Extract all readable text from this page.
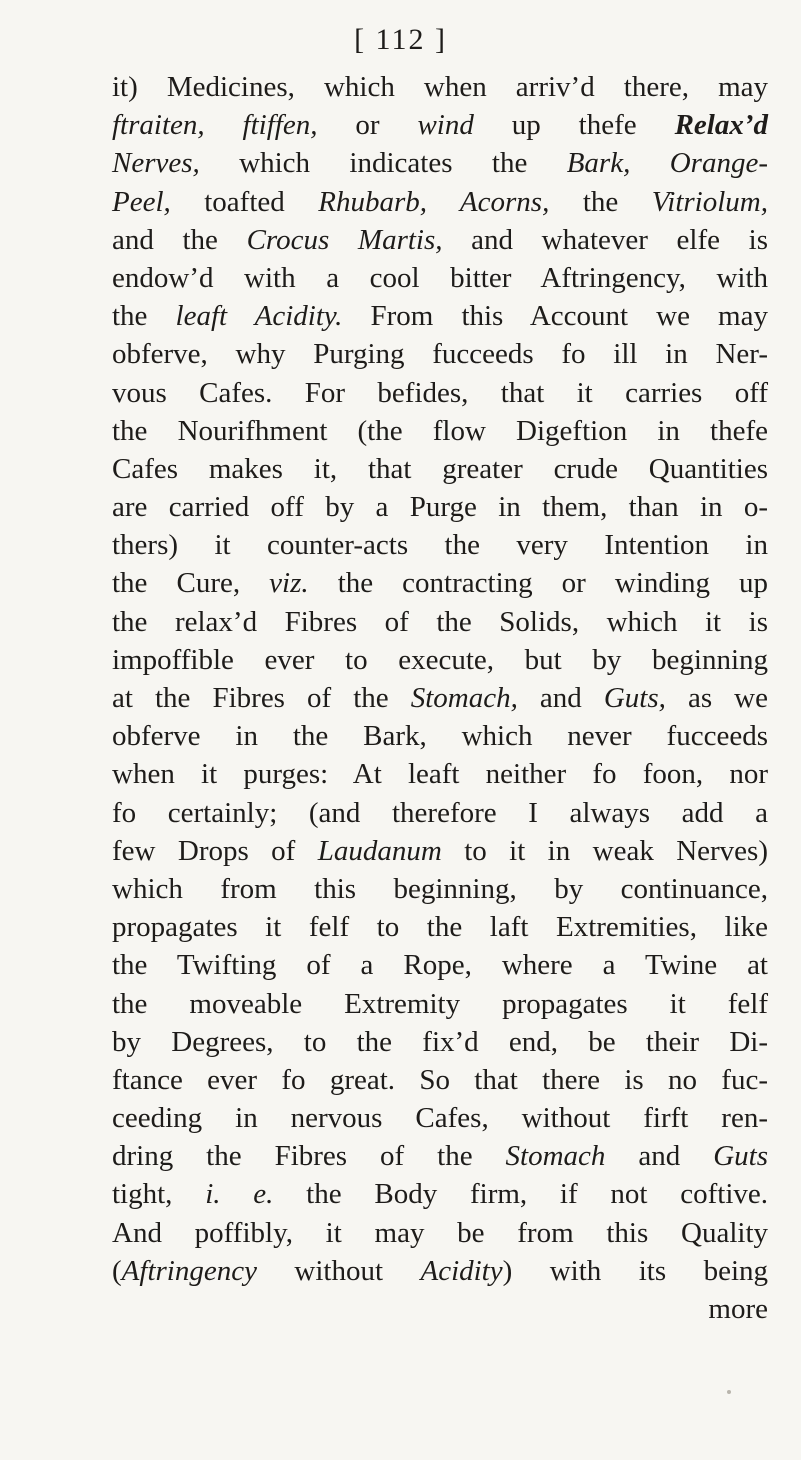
[ 112 ]
it) Medicines, which when arriv’d there, may
ftraiten, ftiffen, or wind up thefe Relax’d
Nerves, which indicates the Bark, Orange-
Peel, toafted Rhubarb, Acorns, the Vitriolum,
and the Crocus Martis, and whatever elfe is
endow’d with a cool bitter Aftringency, with
the leaft Acidity. From this Account we may
obferve, why Purging fucceeds fo ill in Ner-
vous Cafes. For befides, that it carries off
the Nourifhment (the flow Digeftion in thefe
Cafes makes it, that greater crude Quantities
are carried off by a Purge in them, than in o-
thers) it counter-acts the very Intention in
the Cure, viz. the contracting or winding up
the relax’d Fibres of the Solids, which it is
impoffible ever to execute, but by beginning
at the Fibres of the Stomach, and Guts, as we
obferve in the Bark, which never fucceeds
when it purges: At leaft neither fo foon, nor
fo certainly; (and therefore I always add a
few Drops of Laudanum to it in weak Nerves)
which from this beginning, by continuance,
propagates it felf to the laft Extremities, like
the Twifting of a Rope, where a Twine at
the moveable Extremity propagates it felf
by Degrees, to the fix’d end, be their Di-
ftance ever fo great. So that there is no fuc-
ceeding in nervous Cafes, without firft ren-
dring the Fibres of the Stomach and Guts
tight, i. e. the Body firm, if not coftive.
And poffibly, it may be from this Quality
(Aftringency without Acidity) with its being
more
